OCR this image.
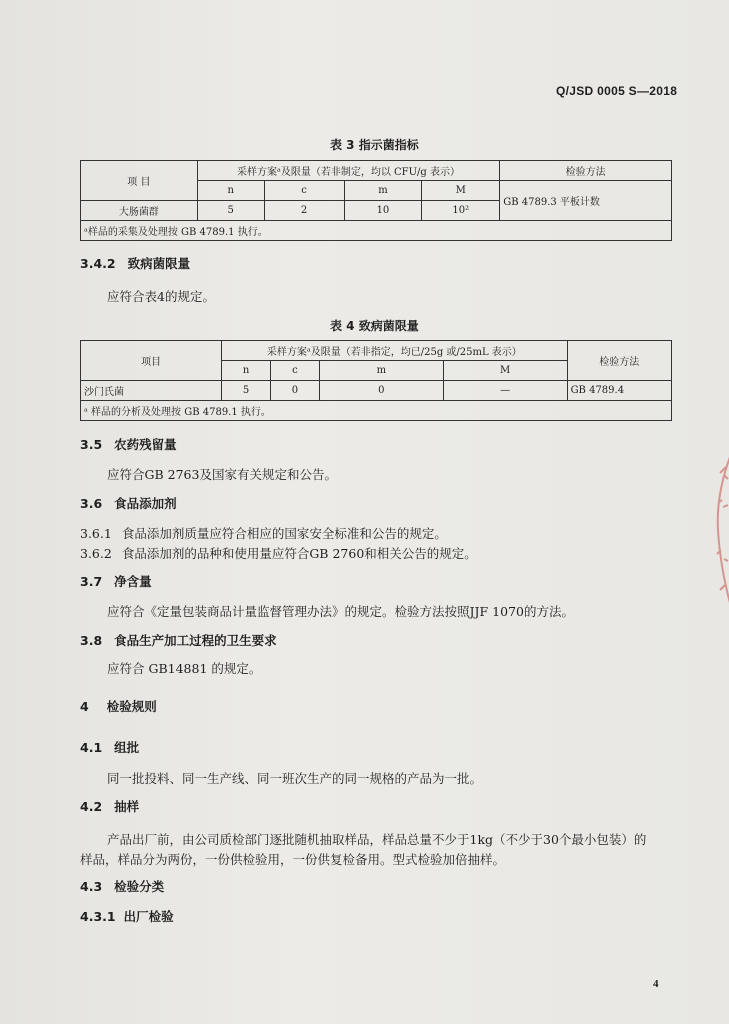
Q/JSD 0005 S—2018
表 3 指示菌指标
项 目	采样方案ᵃ及限量（若非制定，均以 CFU/g 表示）				检验方法
	n	c	m	M	GB 4789.3 平板计数
大肠菌群	5	2	10	10²	
ᵃ样品的采集及处理按 GB 4789.1 执行。					
3.4.2 致病菌限量
应符合表4的规定。
表 4 致病菌限量
项目	采样方案ᵃ及限量（若非指定，均已/25g 或/25mL 表示）				检验方法
	n	c	m	M	
沙门氏菌	5	0	0	—	GB 4789.4
ᵃ 样品的分析及处理按 GB 4789.1 执行。					
3.5 农药残留量
应符合GB 2763及国家有关规定和公告。
3.6 食品添加剂
3.6.1 食品添加剂质量应符合相应的国家安全标准和公告的规定。
3.6.2 食品添加剂的品种和使用量应符合GB 2760和相关公告的规定。
3.7 净含量
应符合《定量包装商品计量监督管理办法》的规定。检验方法按照JJF 1070的方法。
3.8 食品生产加工过程的卫生要求
应符合 GB14881 的规定。
4 检验规则
4.1 组批
同一批投料、同一生产线、同一班次生产的同一规格的产品为一批。
4.2 抽样
产品出厂前，由公司质检部门逐批随机抽取样品，样品总量不少于1kg（不少于30个最小包装）的
样品，样品分为两份，一份供检验用，一份供复检备用。型式检验加倍抽样。
4.3 检验分类
4.3.1 出厂检验
4
